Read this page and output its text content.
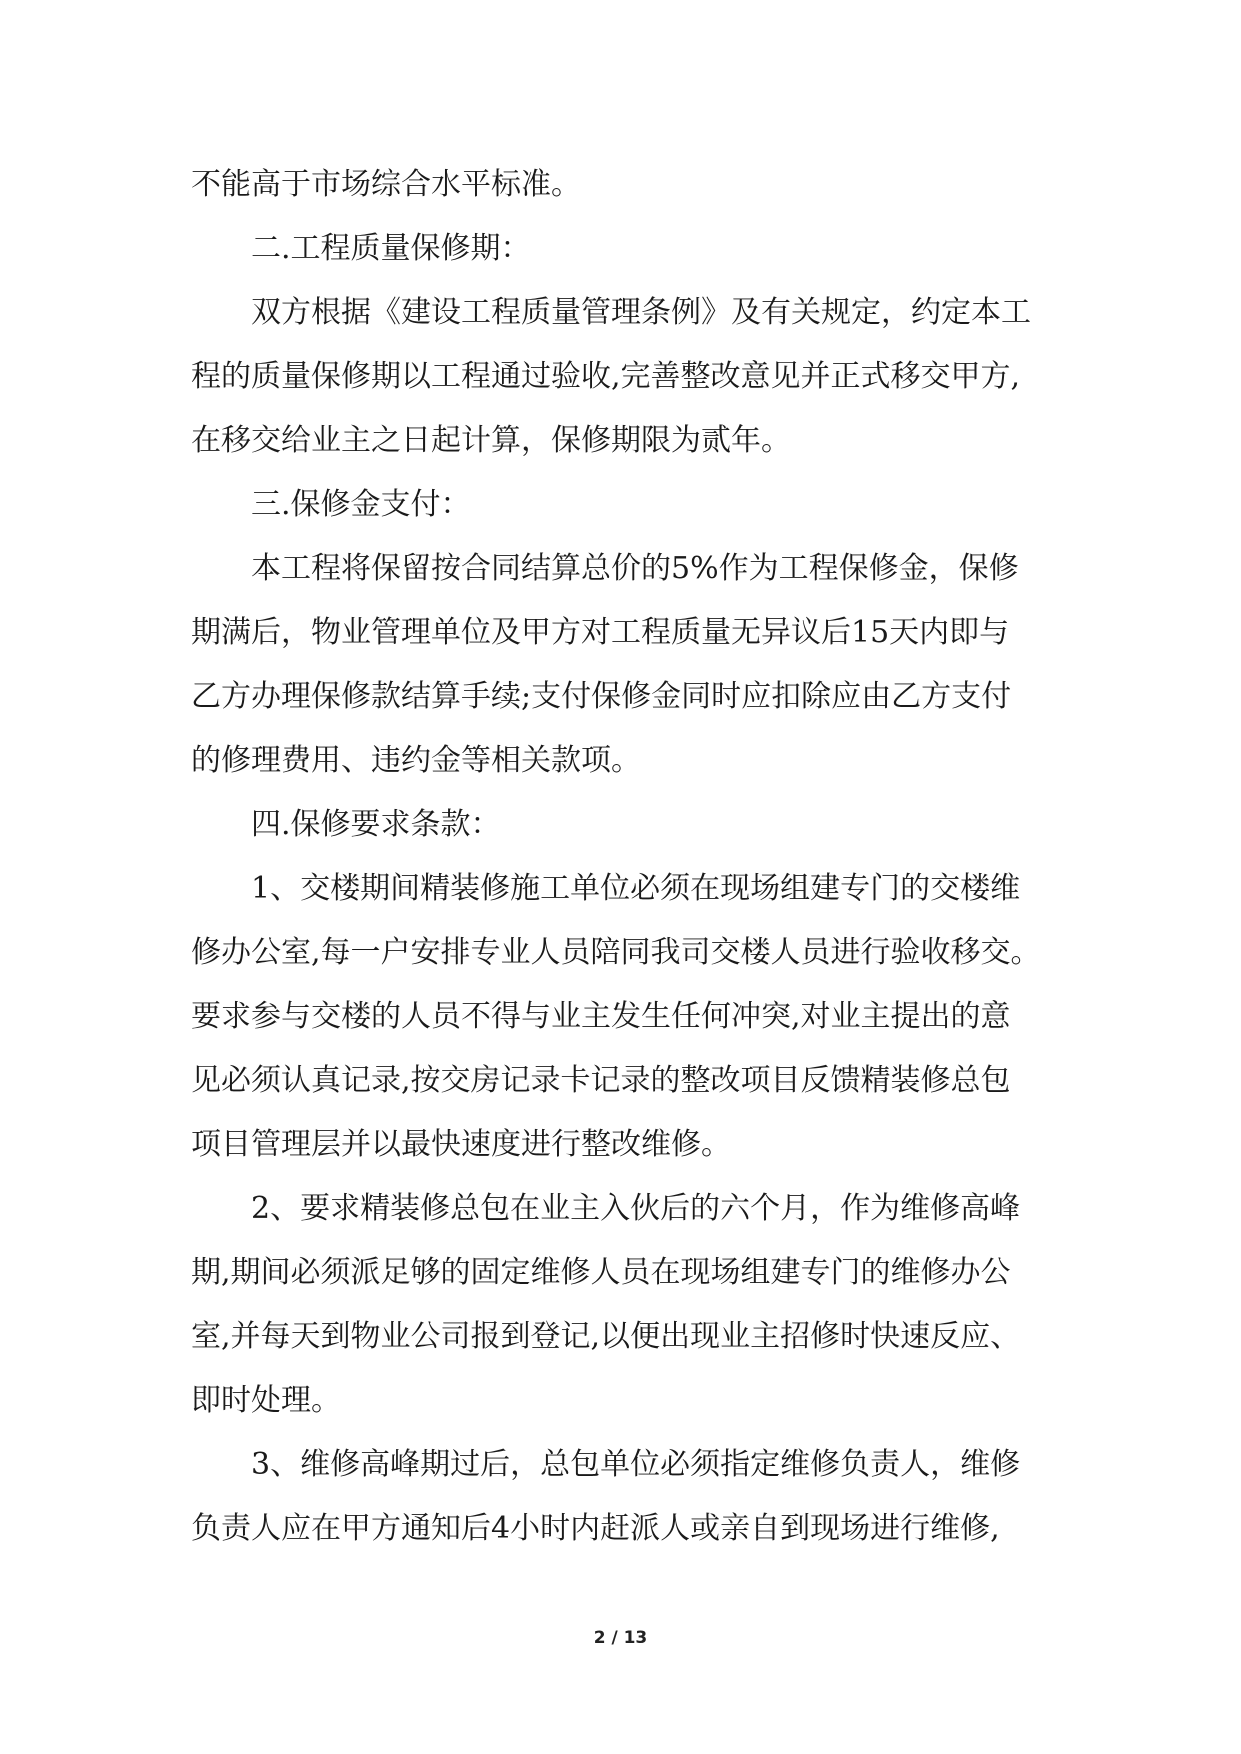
不能高于市场综合水平标准。
二.工程质量保修期：
双方根据《建设工程质量管理条例》及有关规定，约定本工
程的质量保修期以工程通过验收,完善整改意见并正式移交甲方,
在移交给业主之日起计算，保修期限为贰年。
三.保修金支付：
本工程将保留按合同结算总价的5%作为工程保修金，保修
期满后，物业管理单位及甲方对工程质量无异议后15天内即与
乙方办理保修款结算手续;支付保修金同时应扣除应由乙方支付
的修理费用、违约金等相关款项。
四.保修要求条款：
1、交楼期间精装修施工单位必须在现场组建专门的交楼维
修办公室,每一户安排专业人员陪同我司交楼人员进行验收移交。
要求参与交楼的人员不得与业主发生任何冲突,对业主提出的意
见必须认真记录,按交房记录卡记录的整改项目反馈精装修总包
项目管理层并以最快速度进行整改维修。
2、要求精装修总包在业主入伙后的六个月，作为维修高峰
期,期间必须派足够的固定维修人员在现场组建专门的维修办公
室,并每天到物业公司报到登记,以便出现业主招修时快速反应、
即时处理。
3、维修高峰期过后，总包单位必须指定维修负责人，维修
负责人应在甲方通知后4小时内赶派人或亲自到现场进行维修,
2 / 13
